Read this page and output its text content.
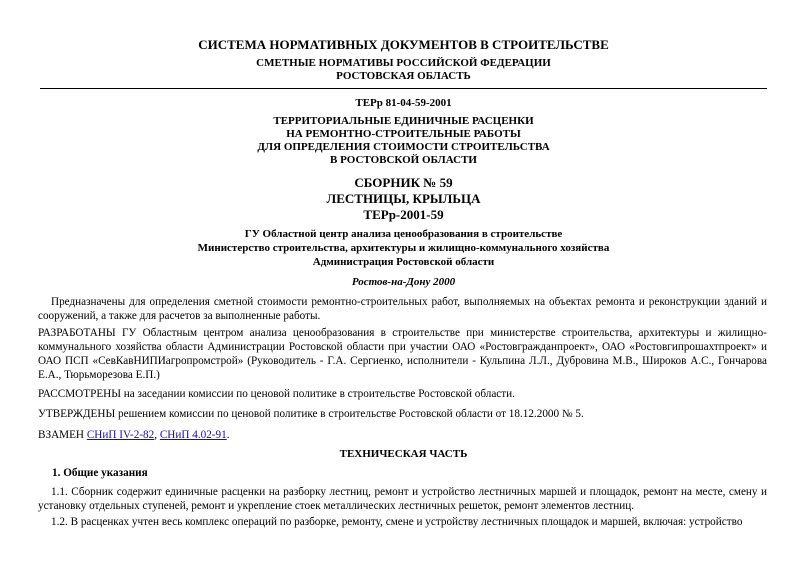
СИСТЕМА НОРМАТИВНЫХ ДОКУМЕНТОВ В СТРОИТЕЛЬСТВЕ
СМЕТНЫЕ НОРМАТИВЫ РОССИЙСКОЙ ФЕДЕРАЦИИ
РОСТОВСКАЯ ОБЛАСТЬ
ТЕРр 81-04-59-2001
ТЕРРИТОРИАЛЬНЫЕ ЕДИНИЧНЫЕ РАСЦЕНКИ
НА РЕМОНТНО-СТРОИТЕЛЬНЫЕ РАБОТЫ
ДЛЯ ОПРЕДЕЛЕНИЯ СТОИМОСТИ СТРОИТЕЛЬСТВА
В РОСТОВСКОЙ ОБЛАСТИ
СБОРНИК № 59
ЛЕСТНИЦЫ, КРЫЛЬЦА
ТЕРр-2001-59
ГУ Областной центр анализа ценообразования в строительстве
Министерство строительства, архитектуры и жилищно-коммунального хозяйства
Администрация Ростовской области
Ростов-на-Дону 2000
Предназначены для определения сметной стоимости ремонтно-строительных работ, выполняемых на объектах ремонта и реконструкции зданий и сооружений, а также для расчетов за выполненные работы.
РАЗРАБОТАНЫ ГУ Областным центром анализа ценообразования в строительстве при министерстве строительства, архитектуры и жилищно-коммунального хозяйства области Администрации Ростовской области при участии ОАО «Ростовгражданпроект», ОАО «Ростовгипрошахтпроект» и ОАО ПСП «СевКавНИПИагропромстрой» (Руководитель - Г.А. Сергиенко, исполнители - Кульпина Л.Л., Дубровина М.В., Широков А.С., Гончарова Е.А., Тюрьморезова Е.П.)
РАССМОТРЕНЫ на заседании комиссии по ценовой политике в строительстве Ростовской области.
УТВЕРЖДЕНЫ решением комиссии по ценовой политике в строительстве Ростовской области от 18.12.2000 № 5.
ВЗАМЕН СНиП IV-2-82, СНиП 4.02-91.
ТЕХНИЧЕСКАЯ ЧАСТЬ
1. Общие указания
1.1. Сборник содержит единичные расценки на разборку лестниц, ремонт и устройство лестничных маршей и площадок, ремонт на месте, смену и установку отдельных ступеней, ремонт и укрепление стоек металлических лестничных решеток, ремонт элементов лестниц.
1.2. В расценках учтен весь комплекс операций по разборке, ремонту, смене и устройству лестничных площадок и маршей, включая: устройство
